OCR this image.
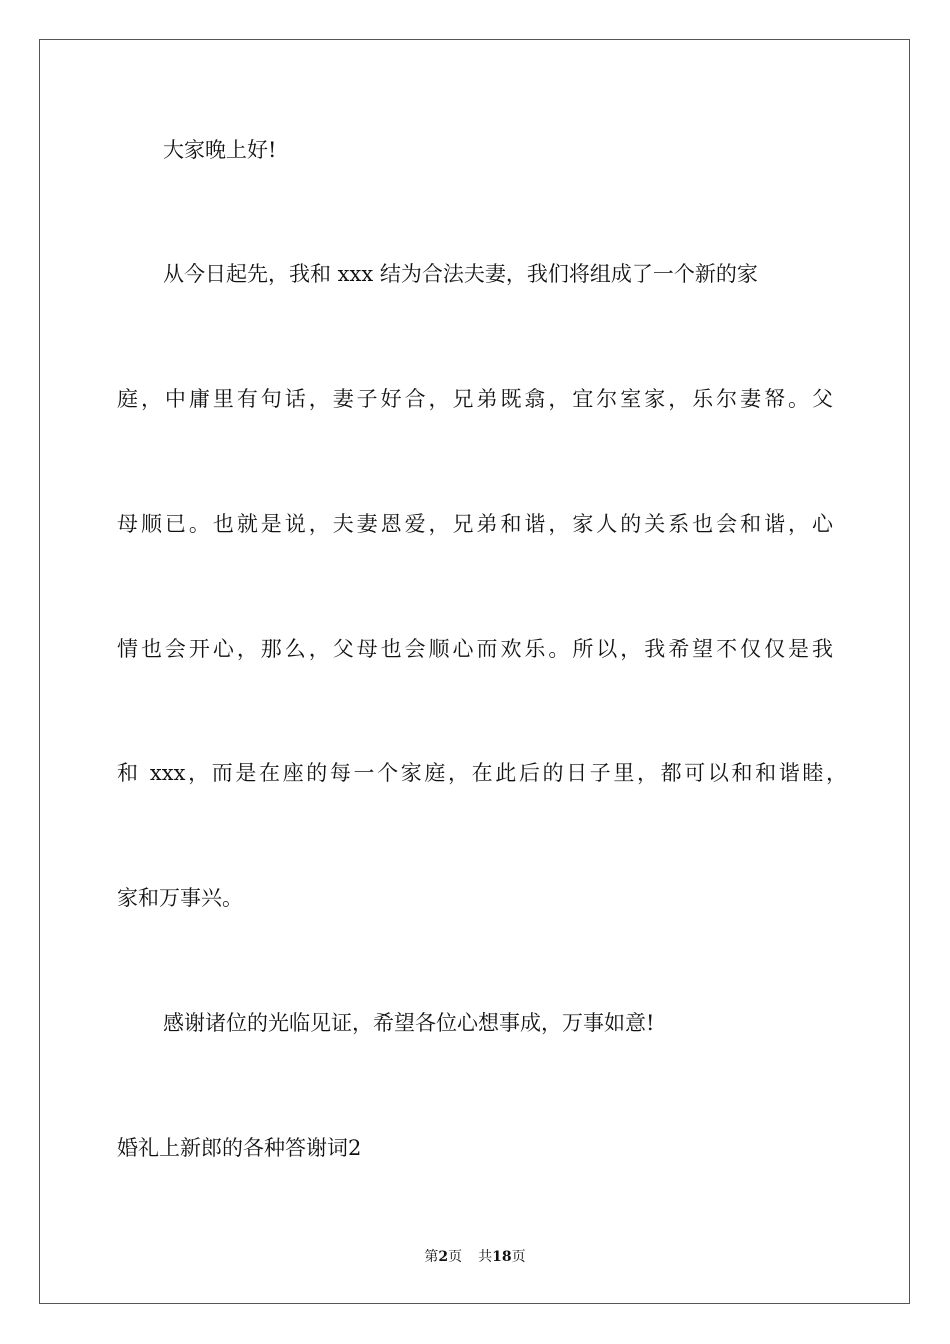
大家晚上好!
从今日起先，我和 xxx 结为合法夫妻，我们将组成了一个新的家
庭，中庸里有句话，妻子好合，兄弟既翕，宜尔室家，乐尔妻帑。父
母顺已。也就是说，夫妻恩爱，兄弟和谐，家人的关系也会和谐，心
情也会开心，那么，父母也会顺心而欢乐。所以，我希望不仅仅是我
和 xxx，而是在座的每一个家庭，在此后的日子里，都可以和和谐睦，
家和万事兴。
感谢诸位的光临见证，希望各位心想事成，万事如意!
婚礼上新郎的各种答谢词2
第2页 共18页
